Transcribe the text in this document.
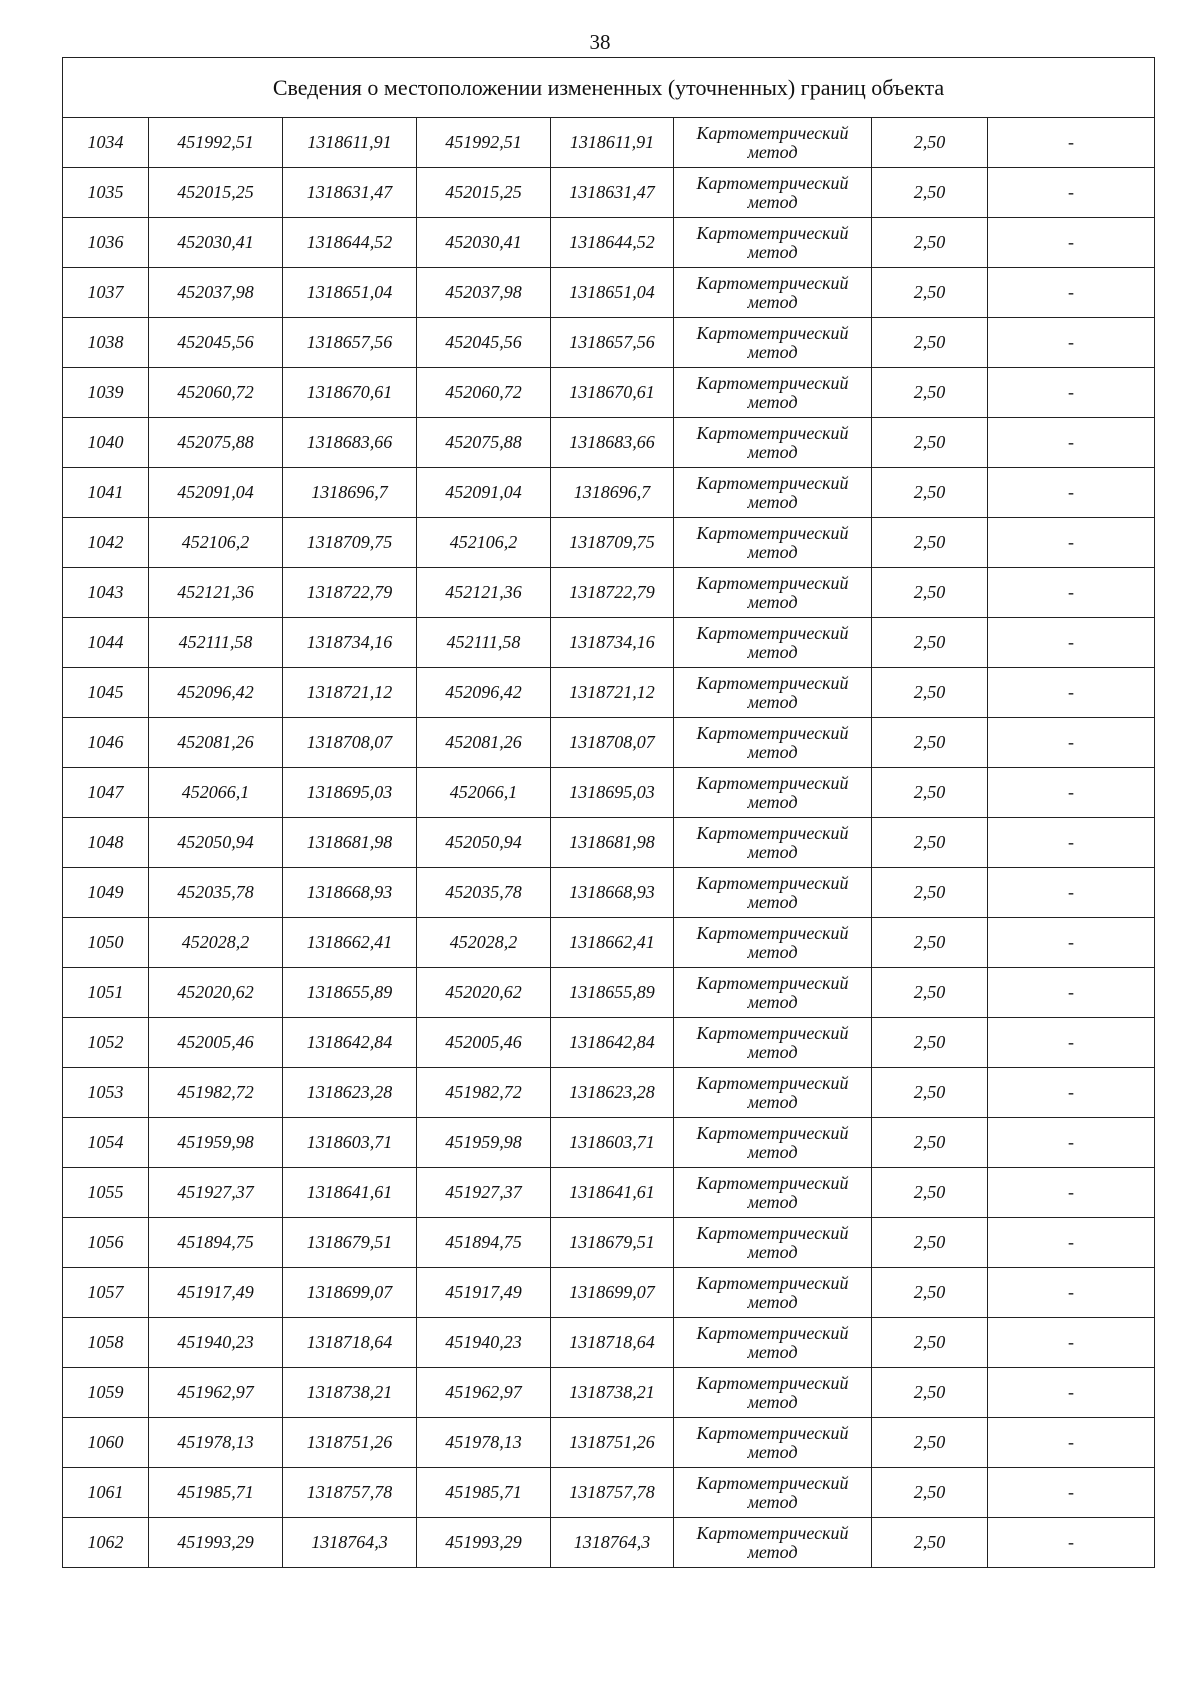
38
Сведения о местоположении измененных (уточненных) границ объекта							
1034	451992,51	1318611,91	451992,51	1318611,91	Картометрический
метод	2,50	-
1035	452015,25	1318631,47	452015,25	1318631,47	Картометрический
метод	2,50	-
1036	452030,41	1318644,52	452030,41	1318644,52	Картометрический
метод	2,50	-
1037	452037,98	1318651,04	452037,98	1318651,04	Картометрический
метод	2,50	-
1038	452045,56	1318657,56	452045,56	1318657,56	Картометрический
метод	2,50	-
1039	452060,72	1318670,61	452060,72	1318670,61	Картометрический
метод	2,50	-
1040	452075,88	1318683,66	452075,88	1318683,66	Картометрический
метод	2,50	-
1041	452091,04	1318696,7	452091,04	1318696,7	Картометрический
метод	2,50	-
1042	452106,2	1318709,75	452106,2	1318709,75	Картометрический
метод	2,50	-
1043	452121,36	1318722,79	452121,36	1318722,79	Картометрический
метод	2,50	-
1044	452111,58	1318734,16	452111,58	1318734,16	Картометрический
метод	2,50	-
1045	452096,42	1318721,12	452096,42	1318721,12	Картометрический
метод	2,50	-
1046	452081,26	1318708,07	452081,26	1318708,07	Картометрический
метод	2,50	-
1047	452066,1	1318695,03	452066,1	1318695,03	Картометрический
метод	2,50	-
1048	452050,94	1318681,98	452050,94	1318681,98	Картометрический
метод	2,50	-
1049	452035,78	1318668,93	452035,78	1318668,93	Картометрический
метод	2,50	-
1050	452028,2	1318662,41	452028,2	1318662,41	Картометрический
метод	2,50	-
1051	452020,62	1318655,89	452020,62	1318655,89	Картометрический
метод	2,50	-
1052	452005,46	1318642,84	452005,46	1318642,84	Картометрический
метод	2,50	-
1053	451982,72	1318623,28	451982,72	1318623,28	Картометрический
метод	2,50	-
1054	451959,98	1318603,71	451959,98	1318603,71	Картометрический
метод	2,50	-
1055	451927,37	1318641,61	451927,37	1318641,61	Картометрический
метод	2,50	-
1056	451894,75	1318679,51	451894,75	1318679,51	Картометрический
метод	2,50	-
1057	451917,49	1318699,07	451917,49	1318699,07	Картометрический
метод	2,50	-
1058	451940,23	1318718,64	451940,23	1318718,64	Картометрический
метод	2,50	-
1059	451962,97	1318738,21	451962,97	1318738,21	Картометрический
метод	2,50	-
1060	451978,13	1318751,26	451978,13	1318751,26	Картометрический
метод	2,50	-
1061	451985,71	1318757,78	451985,71	1318757,78	Картометрический
метод	2,50	-
1062	451993,29	1318764,3	451993,29	1318764,3	Картометрический
метод	2,50	-
